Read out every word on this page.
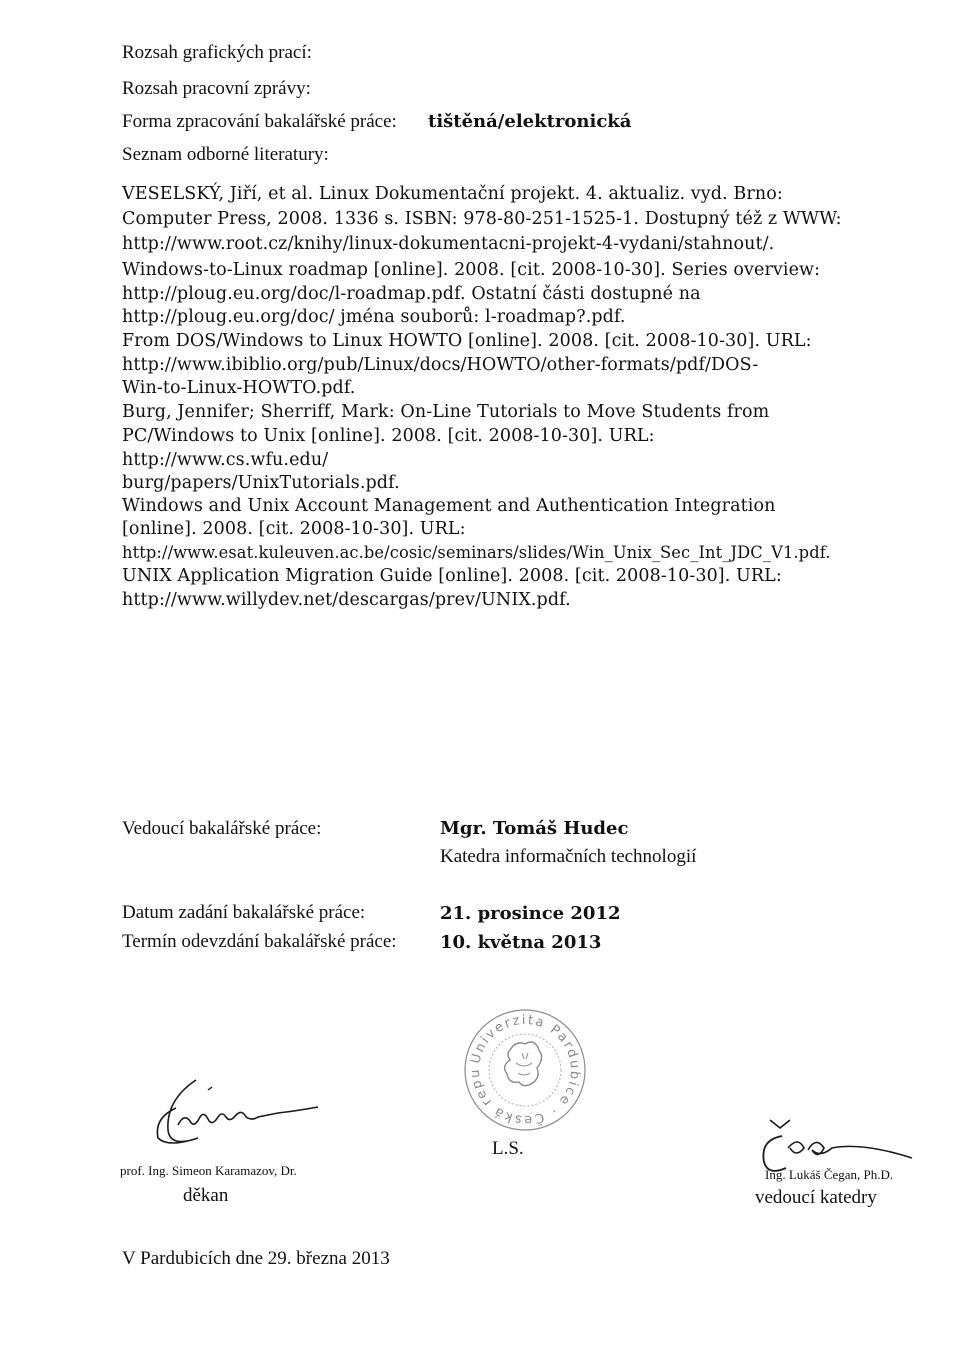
Rozsah grafických prací:
Rozsah pracovní zprávy:
Forma zpracování bakalářské práce: tištěná/elektronická
Seznam odborné literatury:
VESELSKÝ, Jiří, et al. Linux Dokumentační projekt. 4. aktualiz. vyd. Brno:
Computer Press, 2008. 1336 s. ISBN: 978-80-251-1525-1. Dostupný též z WWW:
http://www.root.cz/knihy/linux-dokumentacni-projekt-4-vydani/stahnout/.
Windows-to-Linux roadmap [online]. 2008. [cit. 2008-10-30]. Series overview:
http://ploug.eu.org/doc/l-roadmap.pdf. Ostatní části dostupné na
http://ploug.eu.org/doc/ jména souborů: l-roadmap?.pdf.
From DOS/Windows to Linux HOWTO [online]. 2008. [cit. 2008-10-30]. URL:
http://www.ibiblio.org/pub/Linux/docs/HOWTO/other-formats/pdf/DOS-
Win-to-Linux-HOWTO.pdf.
Burg, Jennifer; Sherriff, Mark: On-Line Tutorials to Move Students from
PC/Windows to Unix [online]. 2008. [cit. 2008-10-30]. URL:
http://www.cs.wfu.edu/
burg/papers/UnixTutorials.pdf.
Windows and Unix Account Management and Authentication Integration
[online]. 2008. [cit. 2008-10-30]. URL:
http://www.esat.kuleuven.ac.be/cosic/seminars/slides/Win_Unix_Sec_Int_JDC_V1.pdf.
UNIX Application Migration Guide [online]. 2008. [cit. 2008-10-30]. URL:
http://www.willydev.net/descargas/prev/UNIX.pdf.
Vedoucí bakalářské práce:	Mgr. Tomáš Hudec
Katedra informačních technologií
Datum zadání bakalářské práce:	21. prosince 2012
Termín odevzdání bakalářské práce: 10. května 2013
Univerzita Pardubice · Česká republika ·
L.S.
prof. Ing. Simeon Karamazov, Dr.
děkan
Ing. Lukáš Čegan, Ph.D.
vedoucí katedry
V Pardubicích dne 29. března 2013
